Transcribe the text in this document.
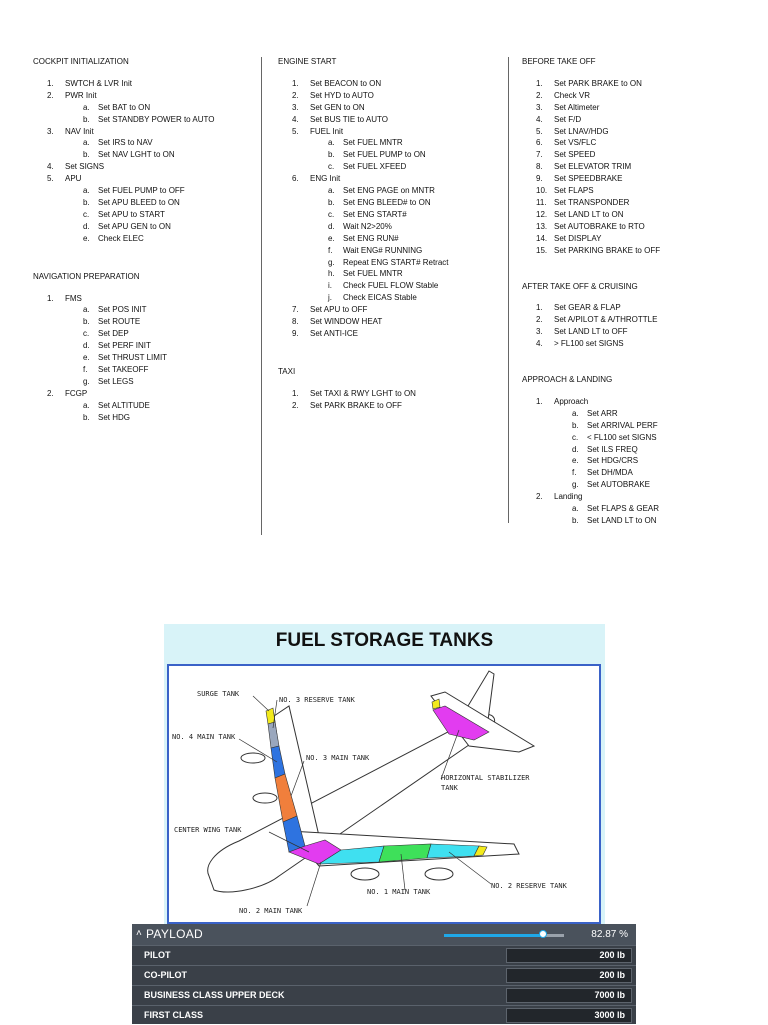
COCKPIT INITIALIZATION
1. SWTCH & LVR Init
2. PWR Init
a. Set BAT to ON
b. Set STANDBY POWER to AUTO
3. NAV Init
a. Set IRS to NAV
b. Set NAV LGHT to ON
4. Set SIGNS
5. APU
a. Set FUEL PUMP to OFF
b. Set APU BLEED to ON
c. Set APU to START
d. Set APU GEN to ON
e. Check ELEC
NAVIGATION PREPARATION
1. FMS
a. Set POS INIT
b. Set ROUTE
c. Set DEP
d. Set PERF INIT
e. Set THRUST LIMIT
f. Set TAKEOFF
g. Set LEGS
2. FCGP
a. Set ALTITUDE
b. Set HDG
ENGINE START
1. Set BEACON to ON
2. Set HYD to AUTO
3. Set GEN to ON
4. Set BUS TIE to AUTO
5. FUEL Init
a. Set FUEL MNTR
b. Set FUEL PUMP to ON
c. Set FUEL XFEED
6. ENG Init
a. Set ENG PAGE on MNTR
b. Set ENG BLEED# to ON
c. Set ENG START#
d. Wait N2>20%
e. Set ENG RUN#
f. Wait ENG# RUNNING
g. Repeat ENG START# Retract
h. Set FUEL MNTR
i. Check FUEL FLOW Stable
j. Check EICAS Stable
7. Set APU to OFF
8. Set WINDOW HEAT
9. Set ANTI-ICE
TAXI
1. Set TAXI & RWY LGHT to ON
2. Set PARK BRAKE to OFF
BEFORE TAKE OFF
1. Set PARK BRAKE to ON
2. Check VR
3. Set Altimeter
4. Set F/D
5. Set LNAV/HDG
6. Set VS/FLC
7. Set SPEED
8. Set ELEVATOR TRIM
9. Set SPEEDBRAKE
10. Set FLAPS
11. Set TRANSPONDER
12. Set LAND LT to ON
13. Set AUTOBRAKE to RTO
14. Set DISPLAY
15. Set PARKING BRAKE to OFF
AFTER TAKE OFF & CRUISING
1. Set GEAR & FLAP
2. Set A/PILOT & A/THROTTLE
3. Set LAND LT to OFF
4. > FL100 set SIGNS
APPROACH & LANDING
1. Approach
a. Set ARR
b. Set ARRIVAL PERF
c. < FL100 set SIGNS
d. Set ILS FREQ
e. Set HDG/CRS
f. Set DH/MDA
g. Set AUTOBRAKE
2. Landing
a. Set FLAPS & GEAR
b. Set LAND LT to ON
FUEL STORAGE TANKS
SURGE TANK
NO. 3 RESERVE TANK
NO. 4 MAIN TANK
NO. 3 MAIN TANK
HORIZONTAL STABILIZER
TANK
CENTER WING TANK
NO. 2 RESERVE TANK
NO. 1 MAIN TANK
NO. 2 MAIN TANK
˄ PAYLOAD	82.87 %
PILOT	200 lb
CO-PILOT	200 lb
BUSINESS CLASS UPPER DECK	7000 lb
FIRST CLASS	3000 lb
